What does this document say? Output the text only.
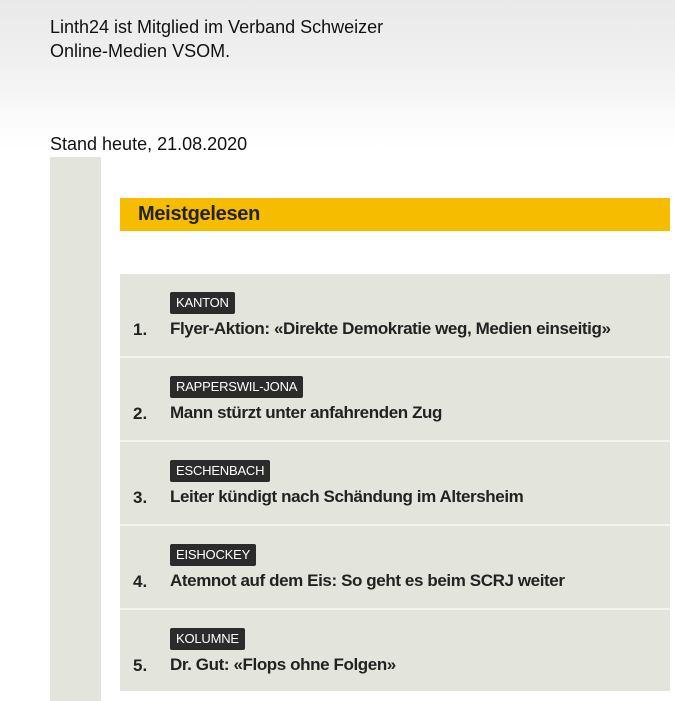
Linth24 ist Mitglied im Verband Schweizer
Online-Medien VSOM.
Stand heute, 21.08.2020
Meistgelesen
1.
KANTON
Flyer-Aktion: «Direkte Demokratie weg, Medien einseitig»
2.
RAPPERSWIL-JONA
Mann stürzt unter anfahrenden Zug
3.
ESCHENBACH
Leiter kündigt nach Schändung im Altersheim
4.
EISHOCKEY
Atemnot auf dem Eis: So geht es beim SCRJ weiter
5.
KOLUMNE
Dr. Gut: «Flops ohne Folgen»
